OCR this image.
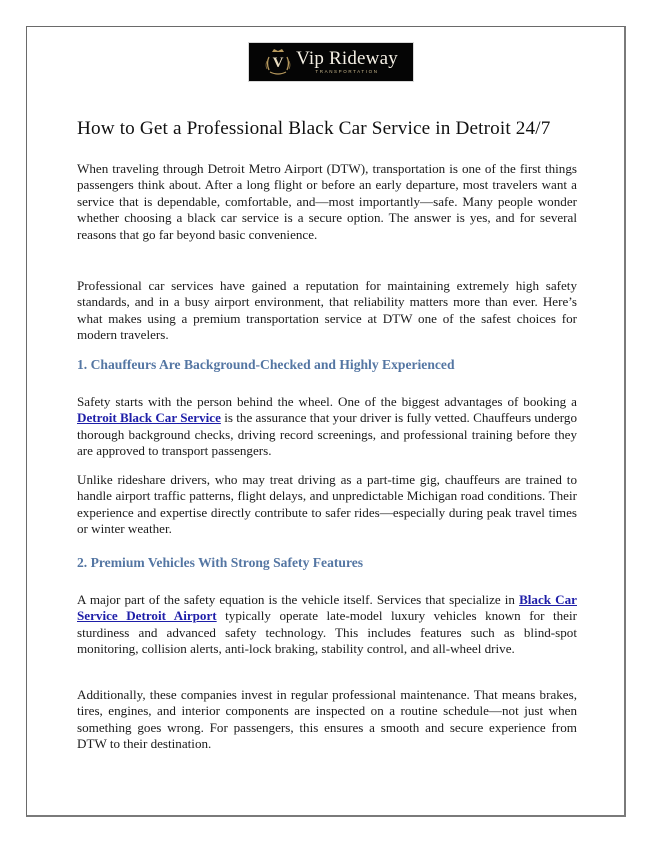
V Vip Rideway
TRANSPORTATION
How to Get a Professional Black Car Service in Detroit 24/7

When traveling through Detroit Metro Airport (DTW), transportation is one of the first things passengers think about. After a long flight or before an early departure, most travelers want a service that is dependable, comfortable, and—most importantly—safe. Many people wonder whether choosing a black car service is a secure option. The answer is yes, and for several reasons that go far beyond basic convenience.

Professional car services have gained a reputation for maintaining extremely high safety standards, and in a busy airport environment, that reliability matters more than ever. Here’s what makes using a premium transportation service at DTW one of the safest choices for modern travelers.

1. Chauffeurs Are Background-Checked and Highly Experienced

Safety starts with the person behind the wheel. One of the biggest advantages of booking a Detroit Black Car Service is the assurance that your driver is fully vetted. Chauffeurs undergo thorough background checks, driving record screenings, and professional training before they are approved to transport passengers.

Unlike rideshare drivers, who may treat driving as a part-time gig, chauffeurs are trained to handle airport traffic patterns, flight delays, and unpredictable Michigan road conditions. Their experience and expertise directly contribute to safer rides—especially during peak travel times or winter weather.

2. Premium Vehicles With Strong Safety Features

A major part of the safety equation is the vehicle itself. Services that specialize in Black Car Service Detroit Airport typically operate late-model luxury vehicles known for their sturdiness and advanced safety technology. This includes features such as blind-spot monitoring, collision alerts, anti-lock braking, stability control, and all-wheel drive.

Additionally, these companies invest in regular professional maintenance. That means brakes, tires, engines, and interior components are inspected on a routine schedule—not just when something goes wrong. For passengers, this ensures a smooth and secure experience from DTW to their destination.
